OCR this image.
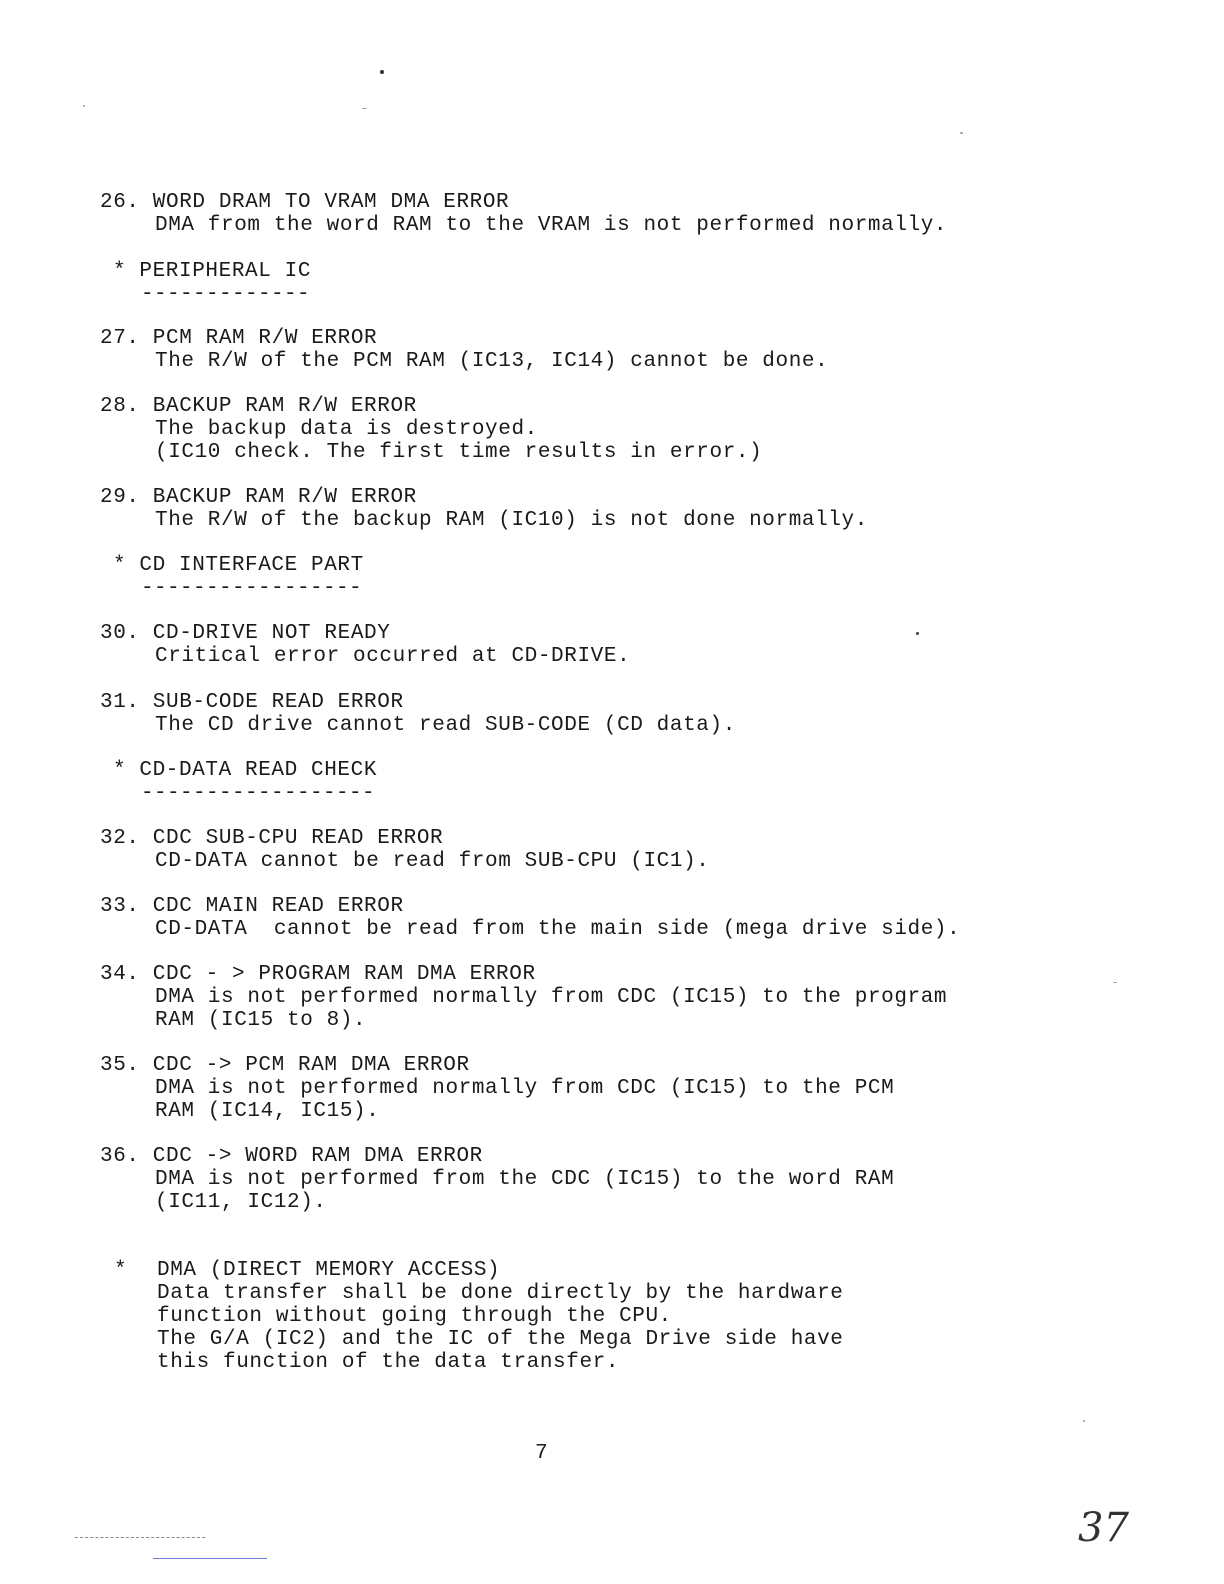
26. WORD DRAM TO VRAM DMA ERROR
DMA from the word RAM to the VRAM is not performed normally.
* PERIPHERAL IC
-------------
27. PCM RAM R/W ERROR
The R/W of the PCM RAM (IC13, IC14) cannot be done.
28. BACKUP RAM R/W ERROR
The backup data is destroyed.
(IC10 check. The first time results in error.)
29. BACKUP RAM R/W ERROR
The R/W of the backup RAM (IC10) is not done normally.
* CD INTERFACE PART
-----------------
30. CD-DRIVE NOT READY
Critical error occurred at CD-DRIVE.
31. SUB-CODE READ ERROR
The CD drive cannot read SUB-CODE (CD data).
* CD-DATA READ CHECK
------------------
32. CDC SUB-CPU READ ERROR
CD-DATA cannot be read from SUB-CPU (IC1).
33. CDC MAIN READ ERROR
CD-DATA  cannot be read from the main side (mega drive side).
34. CDC - > PROGRAM RAM DMA ERROR
DMA is not performed normally from CDC (IC15) to the program
RAM (IC15 to 8).
35. CDC -> PCM RAM DMA ERROR
DMA is not performed normally from CDC (IC15) to the PCM
RAM (IC14, IC15).
36. CDC -> WORD RAM DMA ERROR
DMA is not performed from the CDC (IC15) to the word RAM
(IC11, IC12).
* DMA (DIRECT MEMORY ACCESS)
Data transfer shall be done directly by the hardware
function without going through the CPU.
The G/A (IC2) and the IC of the Mega Drive side have
this function of the data transfer.
7
37
